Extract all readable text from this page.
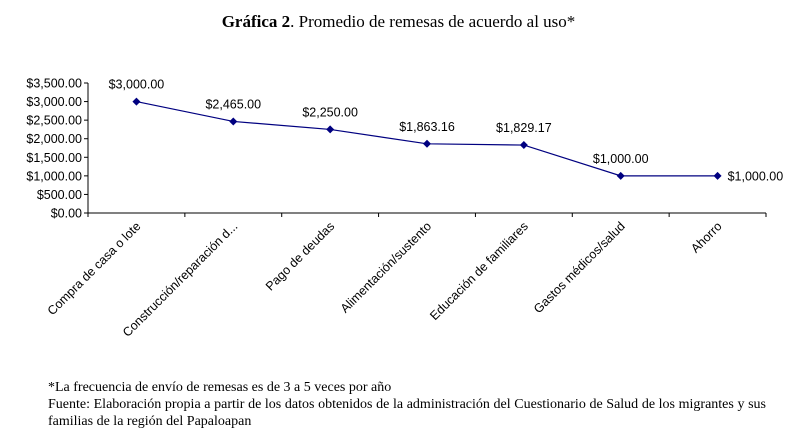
Gráfica 2. Promedio de remesas de acuerdo al uso*
$0.00
$500.00
$1,000.00
$1,500.00
$2,000.00
$2,500.00
$3,000.00
$3,500.00
Compra de casa o lote
Construcción/reparación d... Pago de deudas Alimentación/sustento
Educación de familiares Gastos médicos/salud	Ahorro
$3,000.00
$2,465.00
$2,250.00
$1,863.16	$1,829.17
$1,000.00
$1,000.00
*La frecuencia de envío de remesas es de 3 a 5 veces por año
Fuente: Elaboración propia a partir de los datos obtenidos de la administración del Cuestionario de Salud de los migrantes y sus familias de la región del Papaloapan
